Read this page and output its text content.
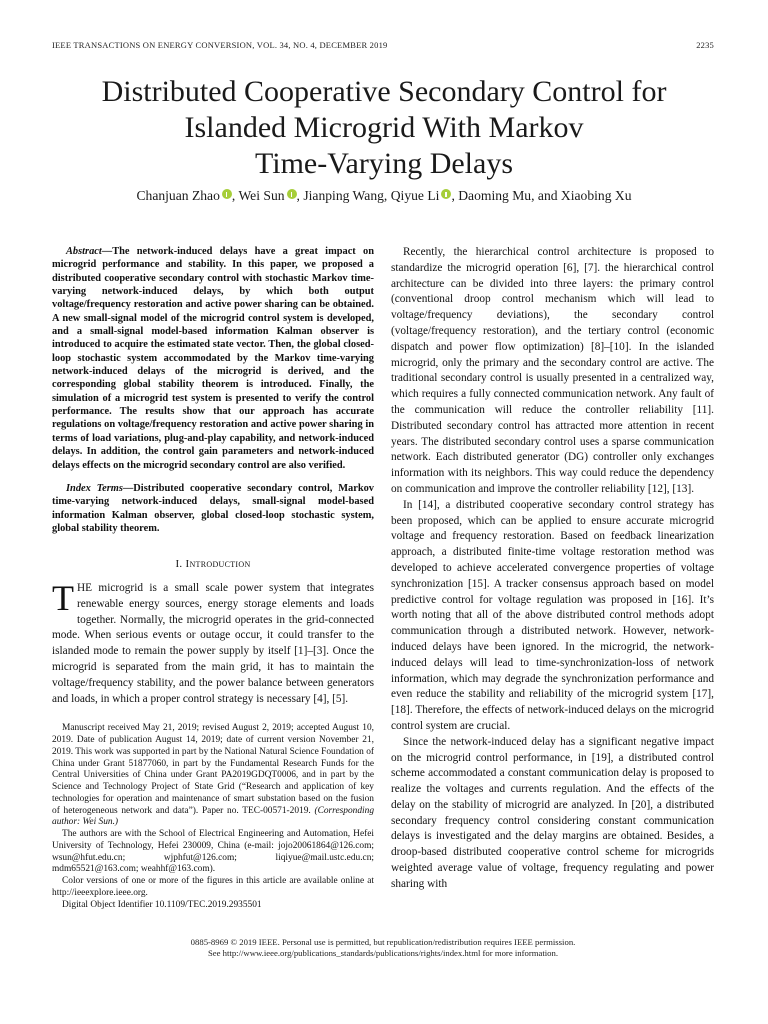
IEEE TRANSACTIONS ON ENERGY CONVERSION, VOL. 34, NO. 4, DECEMBER 2019	2235
Distributed Cooperative Secondary Control for
Islanded Microgrid With Markov
Time-Varying Delays
Chanjuan Zhao , Wei Sun , Jianping Wang, Qiyue Li , Daoming Mu, and Xiaobing Xu

Abstract—The network-induced delays have a great impact on microgrid performance and stability. In this paper, we proposed a distributed cooperative secondary control with stochastic Markov time-varying network-induced delays, by which both output voltage/frequency restoration and active power sharing can be obtained. A new small-signal model of the microgrid control system is developed, and a small-signal model-based information Kalman observer is introduced to acquire the estimated state vector. Then, the global closed-loop stochastic system accommodated by the Markov time-varying network-induced delays of the microgrid is derived, and the corresponding global stability theorem is introduced. Finally, the simulation of a microgrid test system is presented to verify the control performance. The results show that our approach has accurate regulations on voltage/frequency restoration and active power sharing in terms of load variations, plug-and-play capability, and network-induced delays. In addition, the control gain parameters and network-induced delays effects on the microgrid secondary control are also verified.

Index Terms—Distributed cooperative secondary control, Markov time-varying network-induced delays, small-signal model-based information Kalman observer, global closed-loop stochastic system, global stability theorem.

I. Introduction

THE microgrid is a small scale power system that integrates renewable energy sources, energy storage elements and loads together. Normally, the microgrid operates in the grid-connected mode. When serious events or outage occur, it could transfer to the islanded mode to remain the power supply by itself [1]–[3]. Once the microgrid is separated from the main grid, it has to maintain the voltage/frequency stability, and the power balance between generators and loads, in which a proper control strategy is necessary [4], [5].

Manuscript received May 21, 2019; revised August 2, 2019; accepted August 10, 2019. Date of publication August 14, 2019; date of current version November 21, 2019. This work was supported in part by the National Natural Science Foundation of China under Grant 51877060, in part by the Fundamental Research Funds for the Central Universities of China under Grant PA2019GDQT0006, and in part by the Science and Technology Project of State Grid (“Research and application of key technologies for operation and maintenance of smart substation based on the fusion of heterogeneous network and data”). Paper no. TEC-00571-2019. (Corresponding author: Wei Sun.)

The authors are with the School of Electrical Engineering and Automation, Hefei University of Technology, Hefei 230009, China (e-mail: jojo20061864@126.com; wsun@hfut.edu.cn; wjphfut@126.com; liqiyue@mail.ustc.edu.cn; mdm65521@163.com; weahhf@163.com).

Color versions of one or more of the figures in this article are available online at http://ieeexplore.ieee.org.

Digital Object Identifier 10.1109/TEC.2019.2935501

Recently, the hierarchical control architecture is proposed to standardize the microgrid operation [6], [7]. the hierarchical control architecture can be divided into three layers: the primary control (conventional droop control mechanism which will lead to voltage/frequency deviations), the secondary control (voltage/frequency restoration), and the tertiary control (economic dispatch and power flow optimization) [8]–[10]. In the islanded microgrid, only the primary and the secondary control are active. The traditional secondary control is usually presented in a centralized way, which requires a fully connected communication network. Any fault of the communication will reduce the controller reliability [11]. Distributed secondary control has attracted more attention in recent years. The distributed secondary control uses a sparse communication network. Each distributed generator (DG) controller only exchanges information with its neighbors. This way could reduce the dependency on communication and improve the controller reliability [12], [13].

In [14], a distributed cooperative secondary control strategy has been proposed, which can be applied to ensure accurate microgrid voltage and frequency restoration. Based on feedback linearization approach, a distributed finite-time voltage restoration method was developed to achieve accelerated convergence properties of voltage synchronization [15]. A tracker consensus approach based on model predictive control for voltage regulation was proposed in [16]. It’s worth noting that all of the above distributed control methods adopt communication through a distributed network. However, network-induced delays have been ignored. In the microgrid, the network-induced delays will lead to time-synchronization-loss of network information, which may degrade the synchronization performance and even reduce the stability and reliability of the microgrid system [17], [18]. Therefore, the effects of network-induced delays on the microgrid control system are crucial.

Since the network-induced delay has a significant negative impact on the microgrid control performance, in [19], a distributed control scheme accommodated a constant communication delay is proposed to realize the voltages and currents regulation. And the effects of the delay on the stability of microgrid are analyzed. In [20], a distributed secondary frequency control considering constant communication delays is investigated and the delay margins are obtained. Besides, a droop-based distributed cooperative control scheme for microgrids weighted average value of voltage, frequency regulating and power sharing with

0885-8969 © 2019 IEEE. Personal use is permitted, but republication/redistribution requires IEEE permission.
See http://www.ieee.org/publications_standards/publications/rights/index.html for more information.
